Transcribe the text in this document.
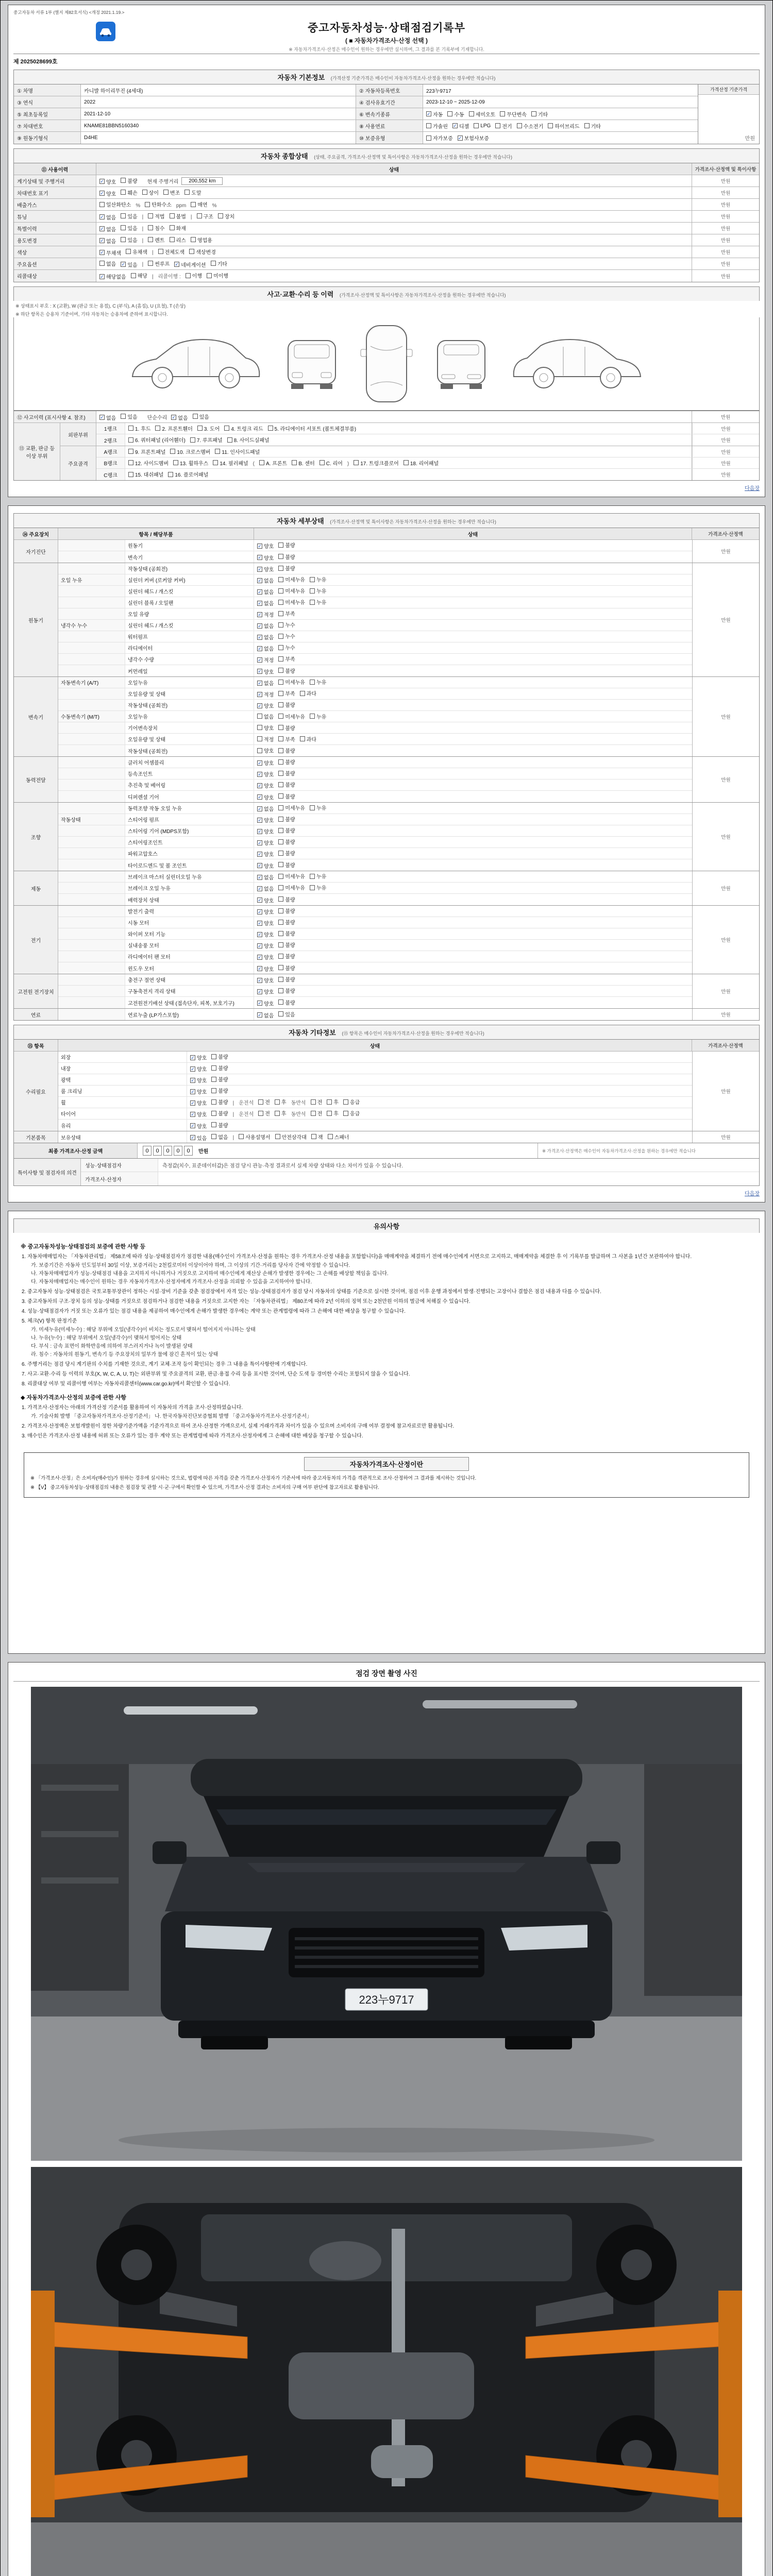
중고자동차 서류 1부 (별지 제82호서식) <개정 2021.1.19.>
중고자동차성능·상태점검기록부
( ■ 자동차가격조사·산정 선택 )
※ 자동차가격조사·산정은 매수인이 원하는 경우에만 실시하며, 그 결과를 본 기록부에 기재합니다.
제 2025028699호
자동차 기본정보 (가격산정 기준가격은 매수인이 자동차가격조사·산정을 원하는 경우에만 적습니다)
① 차명	카니발 하이리무진 (4세대)	② 자동차등록번호	223누9717
③ 연식	2022	④ 검사유효기간	2023-12-10 ~ 2025-12-09
⑤ 최초등록일	2021-12-10	⑥ 변속기종류	✓ 자동 수동 세미오토 무단변속 기타
⑦ 차대번호	KNAME81BBN5160340	⑧ 사용연료	가솔린 ✓ 디젤 LPG 전기 수소전기 하이브리드 기타
⑨ 원동기형식	D4HE	⑩ 보증유형	자가보증 ✓ 보험사보증
가격산정 기준가격
만원
자동차 종합상태 (상태, 주요골격, 가격조사·산정액 및 특이사항은 자동차가격조사·산정을 원하는 경우에만 적습니다)
⑪ 사용이력	상태	가격조사·산정액 및 특이사항
계기상태 및 주행거리	✓ 양호 불량 현재 주행거리	200,552 km	만원
차대번호 표기	✓ 양호 훼손 상이 변조 도말	만원
배출가스	일산화탄소 % 탄화수소 ppm 매연 %	만원
튜닝	✓ 없음 있음 | 적법 불법 | 구조 장치	만원
특별이력	✓ 없음 있음 | 침수 화재	만원
용도변경	✓ 없음 있음 | 렌트 리스 영업용	만원
색상	✓ 무채색 유채색 | 전체도색 색상변경	만원
주요옵션	없음 ✓ 있음 | 썬루프 ✓ 네비게이션 기타	만원
리콜대상	✓ 해당없음 해당 | 리콜이행 : 이행 미이행	만원
사고·교환·수리 등 이력 (가격조사·산정액 및 특이사항은 자동차가격조사·산정을 원하는 경우에만 적습니다)
※ 상태표시 부호 : X (교환), W (판금 또는 용접), C (부식), A (흠집), U (요철), T (손상)
※ 하단 항목은 승용차 기준이며, 기타 자동차는 승용차에 준하여 표시합니다.
⑫ 사고이력 (표시사항 4. 참조)	✓ 없음 있음 단순수리 ✓ 없음 있음	만원
⑬ 교환, 판금 등 이상 부위
외판부위
1랭크	1. 후드 2. 프론트휀더 3. 도어 4. 트렁크 리드 5. 라디에이터 서포트 (볼트체결부품)	만원
2랭크	6. 쿼터패널 (리어휀더) 7. 루프패널 8. 사이드실패널	만원
주요골격
A랭크	9. 프론트패널 10. 크로스멤버 11. 인사이드패널	만원
B랭크	12. 사이드멤버 13. 휠하우스 14. 필러패널 ( A. 프론트 B. 센터 C. 리어 ) 17. 트렁크플로어 18. 리어패널	만원
C랭크	15. 대쉬패널 16. 플로어패널	만원
다음장
자동차 세부상태 (가격조사·산정액 및 특이사항은 자동차가격조사·산정을 원하는 경우에만 적습니다)
⑭ 주요장치	항목 / 해당부품	상태	가격조사·산정액
자기진단
원동기	✓ 양호 불량
변속기	✓ 양호 불량
만원
원동기
작동상태 (공회전)	✓ 양호 불량
오일 누유	실린더 커버 (로커암 커버)	✓ 없음 미세누유 누유
실린더 헤드 / 개스킷	✓ 없음 미세누유 누유
실린더 블록 / 오일팬	✓ 없음 미세누유 누유
오일 유량	✓ 적정 부족
냉각수 누수	실린더 헤드 / 개스킷	✓ 없음 누수
워터펌프	✓ 없음 누수
라디에이터	✓ 없음 누수
냉각수 수량	✓ 적정 부족
커먼레일	✓ 양호 불량
만원
변속기
자동변속기 (A/T)	오일누유	✓ 없음 미세누유 누유
오일유량 및 상태	✓ 적정 부족 과다
작동상태 (공회전)	✓ 양호 불량
수동변속기 (M/T)	오일누유	없음 미세누유 누유
기어변속장치	양호 불량
오일유량 및 상태	적정 부족 과다
작동상태 (공회전)	양호 불량
만원
동력전달
클러치 어셈블리	✓ 양호 불량
등속조인트	✓ 양호 불량
추진축 및 베어링	✓ 양호 불량
디퍼렌셜 기어	✓ 양호 불량
만원
조향
동력조향 작동 오일 누유	✓ 없음 미세누유 누유
작동상태	스티어링 펌프	✓ 양호 불량
스티어링 기어 (MDPS포함)	✓ 양호 불량
스티어링조인트	✓ 양호 불량
파워고압호스	✓ 양호 불량
타이로드엔드 및 볼 조인트	✓ 양호 불량
만원
제동
브레이크 마스터 실린더오일 누유	✓ 없음 미세누유 누유
브레이크 오일 누유	✓ 없음 미세누유 누유
배력장치 상태	✓ 양호 불량
만원
전기
발전기 출력	✓ 양호 불량
시동 모터	✓ 양호 불량
와이퍼 모터 기능	✓ 양호 불량
실내송풍 모터	✓ 양호 불량
라디에이터 팬 모터	✓ 양호 불량
윈도우 모터	✓ 양호 불량
만원
고전원 전기장치
충전구 절연 상태	✓ 양호 불량
구동축전지 격리 상태	✓ 양호 불량
고전원전기배선 상태 (접속단자, 피복, 보호기구)	✓ 양호 불량
만원
연료	연료누출 (LP가스포함)	✓ 없음 있음	만원
자동차 기타정보 (⑮ 항목은 매수인이 자동차가격조사·산정을 원하는 경우에만 적습니다)
⑮ 항목	상태	가격조사·산정액
수리필요
외장	✓ 양호 불량
내장	✓ 양호 불량
광택	✓ 양호 불량
룸 크리닝	✓ 양호 불량
휠	✓ 양호 불량 | 운전석 전 후 동반석 전 후 응급
타이어	✓ 양호 불량 | 운전석 전 후 동반석 전 후 응급
유리	✓ 양호 불량
만원
기본품목	보유상태	✓ 있음 없음 | 사용설명서 안전삼각대 잭 스패너	만원
최종 가격조사·산정 금액	0 0 0 0 0	만원	※ 가격조사·산정액은 매수인이 자동차가격조사·산정을 원하는 경우에만 적습니다
특이사항 및 점검자의 의견
성능·상태점검자	측정값(치수, 표준데이터값)은 점검 당시 관능·측정 결과로서 실제 차량 상태와 다소 차이가 있을 수 있습니다.
가격조사·산정자
다음장
유의사항
※ 중고자동차성능·상태점검의 보증에 관한 사항 등
1. 자동차매매업자는 「자동차관리법」 제58조에 따라 성능·상태점검자가 점검한 내용(매수인이 가격조사·산정을 원하는 경우 가격조사·산정 내용을 포함합니다)을 매매계약을 체결하기 전에 매수인에게 서면으로 고지하고, 매매계약을 체결한 후 이 기록부를 발급하며 그 사본을 1년간 보관하여야 합니다.
가. 보증기간은 자동차 인도일부터 30일 이상, 보증거리는 2천킬로미터 이상이어야 하며, 그 이상의 기간·거리를 당사자 간에 약정할 수 있습니다.
나. 자동차매매업자가 성능·상태점검 내용을 고지하지 아니하거나 거짓으로 고지하여 매수인에게 재산상 손해가 발생한 경우에는 그 손해를 배상할 책임을 집니다.
다. 자동차매매업자는 매수인이 원하는 경우 자동차가격조사·산정자에게 가격조사·산정을 의뢰할 수 있음을 고지하여야 합니다.
2. 중고자동차 성능·상태점검은 국토교통부장관이 정하는 시설·장비 기준을 갖춘 점검장에서 자격 있는 성능·상태점검자가 점검 당시 자동차의 상태를 기준으로 실시한 것이며, 점검 이후 운행 과정에서 발생·진행되는 고장이나 결함은 점검 내용과 다를 수 있습니다.
3. 중고자동차의 구조·장치 등의 성능·상태를 거짓으로 점검하거나 점검한 내용을 거짓으로 고지한 자는 「자동차관리법」 제80조에 따라 2년 이하의 징역 또는 2천만원 이하의 벌금에 처해질 수 있습니다.
4. 성능·상태점검자가 거짓 또는 오류가 있는 점검 내용을 제공하여 매수인에게 손해가 발생한 경우에는 계약 또는 관계법령에 따라 그 손해에 대한 배상을 청구할 수 있습니다.
5. 체크(V) 항목 판정기준
가. 미세누유(미세누수) : 해당 부위에 오일(냉각수)이 비치는 정도로서 맺혀서 떨어지지 아니하는 상태
나. 누유(누수) : 해당 부위에서 오일(냉각수)이 맺혀서 떨어지는 상태
다. 부식 : 금속 표면이 화학반응에 의하여 부스러지거나 녹이 발생된 상태
라. 침수 : 자동차의 원동기, 변속기 등 주요장치의 일부가 물에 잠긴 흔적이 있는 상태
6. 주행거리는 점검 당시 계기판의 수치를 기재한 것으로, 계기 교체·조작 등이 확인되는 경우 그 내용을 특이사항란에 기재합니다.
7. 사고·교환·수리 등 이력의 부호(X, W, C, A, U, T)는 외판부위 및 주요골격의 교환, 판금·용접 수리 등을 표시한 것이며, 단순 도색 등 경미한 수리는 포함되지 않을 수 있습니다.
8. 리콜대상 여부 및 리콜이행 여부는 자동차리콜센터(www.car.go.kr)에서 확인할 수 있습니다.
◆ 자동차가격조사·산정의 보증에 관한 사항
1. 가격조사·산정자는 아래의 가격산정 기준서를 활용하여 이 자동차의 가격을 조사·산정하였습니다.
가. 기술사회 발행 「중고자동차가격조사·산정기준서」 나. 한국자동차진단보증협회 발행 「중고자동차가격조사·산정기준서」
2. 가격조사·산정액은 보험개발원이 정한 차량기준가액을 기준가격으로 하여 조사·산정한 가액으로서, 실제 거래가격과 차이가 있을 수 있으며 소비자의 구매 여부 결정에 참고자료로만 활용됩니다.
3. 매수인은 가격조사·산정 내용에 허위 또는 오류가 있는 경우 계약 또는 관계법령에 따라 가격조사·산정자에게 그 손해에 대한 배상을 청구할 수 있습니다.
자동차가격조사·산정이란
※ 「가격조사·산정」은 소비자(매수인)가 원하는 경우에 실시하는 것으로, 법령에 따른 자격을 갖춘 가격조사·산정자가 기준서에 따라 중고자동차의 가격을 객관적으로 조사·산정하여 그 결과를 제시하는 것입니다.
※ 【V】 중고자동차성능·상태점검의 내용은 점검장 및 관할 시·군·구에서 확인할 수 있으며, 가격조사·산정 결과는 소비자의 구매 여부 판단에 참고자료로 활용됩니다.
점검 장면 촬영 사진
223누9717
